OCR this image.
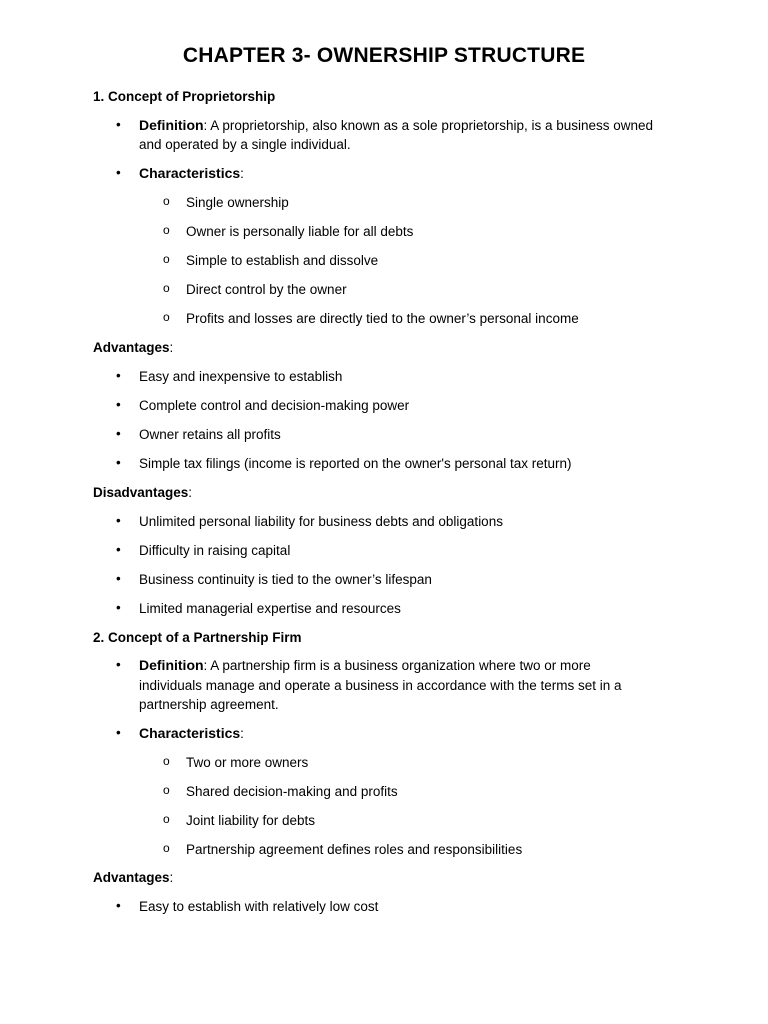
CHAPTER 3- OWNERSHIP STRUCTURE
1. Concept of Proprietorship
• Definition: A proprietorship, also known as a sole proprietorship, is a business owned
and operated by a single individual.
• Characteristics:
o Single ownership
o Owner is personally liable for all debts
o Simple to establish and dissolve
o Direct control by the owner
o Profits and losses are directly tied to the owner’s personal income
Advantages:
• Easy and inexpensive to establish
• Complete control and decision-making power
• Owner retains all profits
• Simple tax filings (income is reported on the owner's personal tax return)
Disadvantages:
• Unlimited personal liability for business debts and obligations
• Difficulty in raising capital
• Business continuity is tied to the owner’s lifespan
• Limited managerial expertise and resources
2. Concept of a Partnership Firm
• Definition: A partnership firm is a business organization where two or more
individuals manage and operate a business in accordance with the terms set in a
partnership agreement.
• Characteristics:
o Two or more owners
o Shared decision-making and profits
o Joint liability for debts
o Partnership agreement defines roles and responsibilities
Advantages:
• Easy to establish with relatively low cost
